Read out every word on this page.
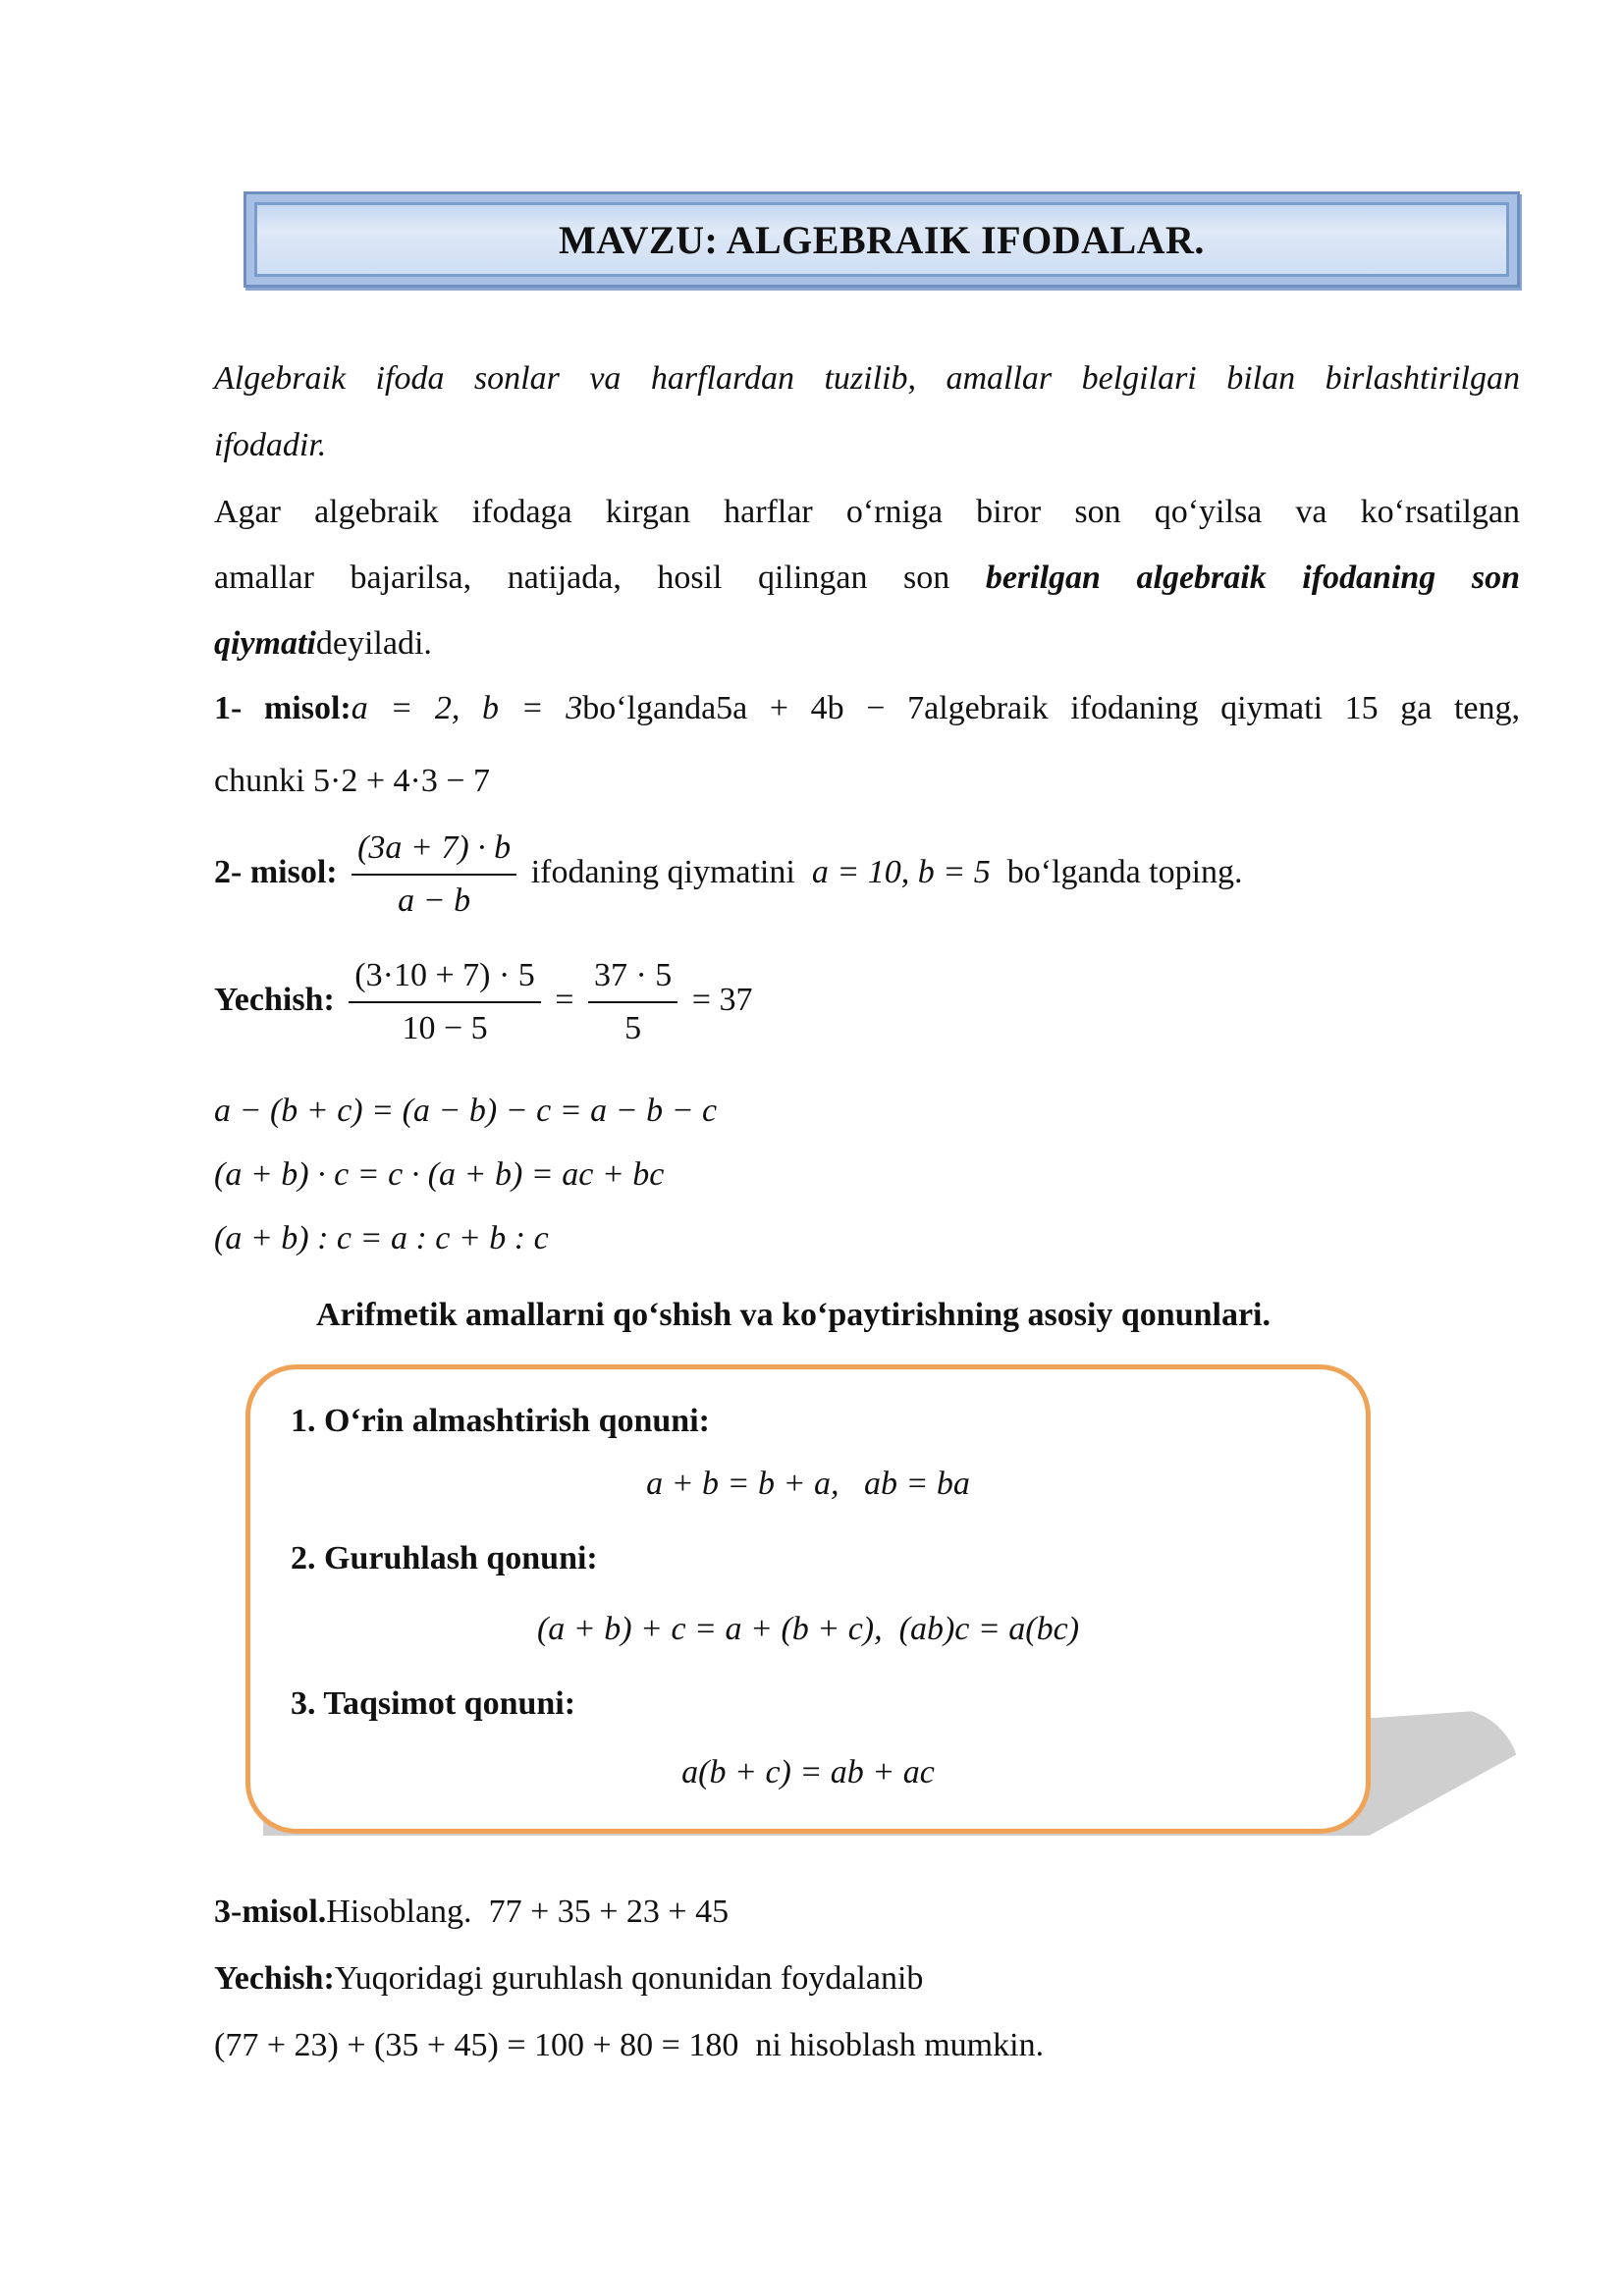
MAVZU: ALGEBRAIK IFODALAR.
Algebraik ifoda sonlar va harflardan tuzilib, amallar belgilari bilan birlashtirilgan
ifodadir.
Agar algebraik ifodaga kirgan harflar o‘rniga biror son qo‘yilsa va ko‘rsatilgan
amallar bajarilsa, natijada, hosil qilingan son berilgan algebraik ifodaning son
qiymatideyiladi.
1- misol:a = 2, b = 3bo‘lganda5a + 4b − 7algebraik ifodaning qiymati 15 ga teng,
chunki 5·2 + 4·3 − 7
2- misol: $\frac{(3a + 7) \cdot b}{a - b}$ ifodaning qiymatini a = 10, b = 5 bo‘lganda toping.
Yechish: $\frac{(3\cdot 10 + 7) \cdot 5}{10 - 5} = \frac{37 \cdot 5}{5} = 37$
a − (b + c) = (a − b) − c = a − b − c
(a + b) · c = c · (a + b) = ac + bc
(a + b) : c = a : c + b : c
Arifmetik amallarni qo‘shish va ko‘paytirishning asosiy qonunlari.
1. O‘rin almashtirish qonuni:
a + b = b + a,   ab = ba
2. Guruhlash qonuni:
(a + b) + c = a + (b + c),  (ab)c = a(bc)
3. Taqsimot qonuni:
a(b + c) = ab + ac
3-misol.Hisoblang. 77 + 35 + 23 + 45
Yechish:Yuqoridagi guruhlash qonunidan foydalanib
(77 + 23) + (35 + 45) = 100 + 80 = 180 ni hisoblash mumkin.
